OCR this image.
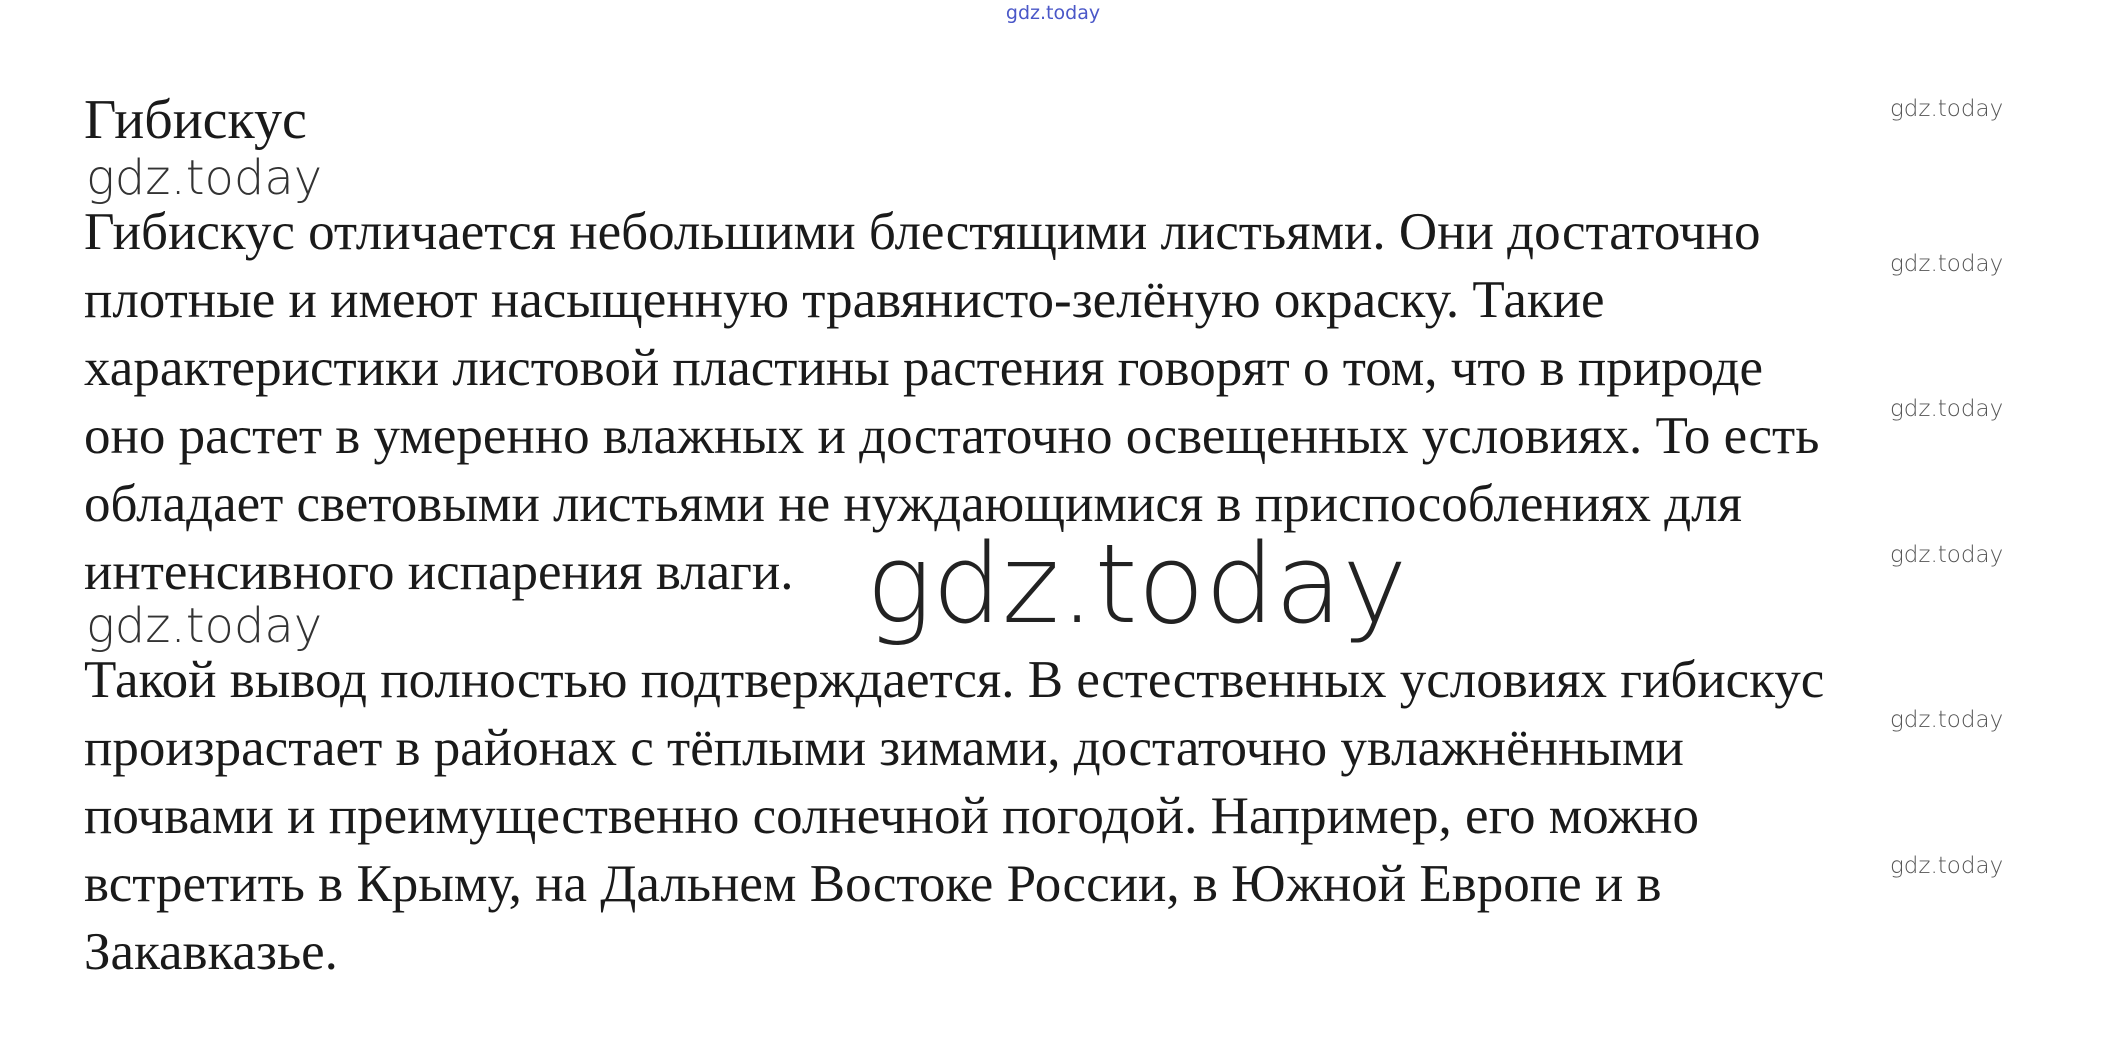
gdz.today
Гибискус

Гибискус отличается небольшими блестящими листьями. Они достаточно
плотные и имеют насыщенную травянисто-зелёную окраску. Такие
характеристики листовой пластины растения говорят о том, что в природе
оно растет в умеренно влажных и достаточно освещенных условиях. То есть
обладает световыми листьями не нуждающимися в приспособлениях для
интенсивного испарения влаги.

Такой вывод полностью подтверждается. В естественных условиях гибискус
произрастает в районах с тёплыми зимами, достаточно увлажнёнными
почвами и преимущественно солнечной погодой. Например, его можно
встретить в Крыму, на Дальнем Востоке России, в Южной Европе и в
Закавказье.

gdz.today
gdz.today
gdz.today
gdz.today
gdz.today
gdz.today
gdz.today
gdz.today	gdz.today
